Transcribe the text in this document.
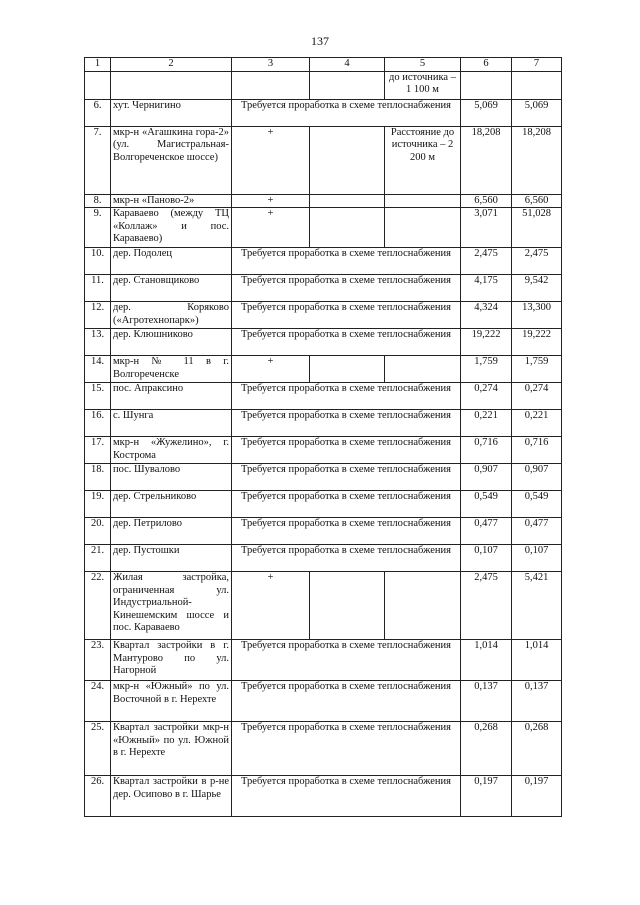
137
1	2	3	4	5	6	7
				до источника – 1 100 м		
6.	хут. Чернигино	Требуется проработка в схеме теплоснабжения			5,069	5,069
7.	мкр-н «Агашкина гора-2» (ул. Магистральная-Волгореченское шоссе)	+		Расстояние до источника – 2 200 м	18,208	18,208
8.	мкр-н «Паново-2»	+			6,560	6,560
9.	Караваево (между ТЦ «Коллаж» и пос. Караваево)	+			3,071	51,028
10.	дер. Подолец	Требуется проработка в схеме теплоснабжения			2,475	2,475
11.	дер. Становщиково	Требуется проработка в схеме теплоснабжения			4,175	9,542
12.	дер. Коряково («Агротехнопарк»)	Требуется проработка в схеме теплоснабжения			4,324	13,300
13.	дер. Клюшниково	Требуется проработка в схеме теплоснабжения			19,222	19,222
14.	мкр-н № 11 в г. Волгореченске	+			1,759	1,759
15.	пос. Апраксино	Требуется проработка в схеме теплоснабжения			0,274	0,274
16.	с. Шунга	Требуется проработка в схеме теплоснабжения			0,221	0,221
17.	мкр-н «Жужелино», г. Кострома	Требуется проработка в схеме теплоснабжения			0,716	0,716
18.	пос. Шувалово	Требуется проработка в схеме теплоснабжения			0,907	0,907
19.	дер. Стрельниково	Требуется проработка в схеме теплоснабжения			0,549	0,549
20.	дер. Петрилово	Требуется проработка в схеме теплоснабжения			0,477	0,477
21.	дер. Пустошки	Требуется проработка в схеме теплоснабжения			0,107	0,107
22.	Жилая застройка, ограниченная ул. Индустриальной-Кинешемским шоссе и пос. Караваево	+			2,475	5,421
23.	Квартал застройки в г. Мантурово по ул. Нагорной	Требуется проработка в схеме теплоснабжения			1,014	1,014
24.	мкр-н «Южный» по ул. Восточной в г. Нерехте	Требуется проработка в схеме теплоснабжения			0,137	0,137
25.	Квартал застройки мкр-н «Южный» по ул. Южной в г. Нерехте	Требуется проработка в схеме теплоснабжения			0,268	0,268
26.	Квартал застройки в р-не дер. Осипово в г. Шарье	Требуется проработка в схеме теплоснабжения			0,197	0,197
